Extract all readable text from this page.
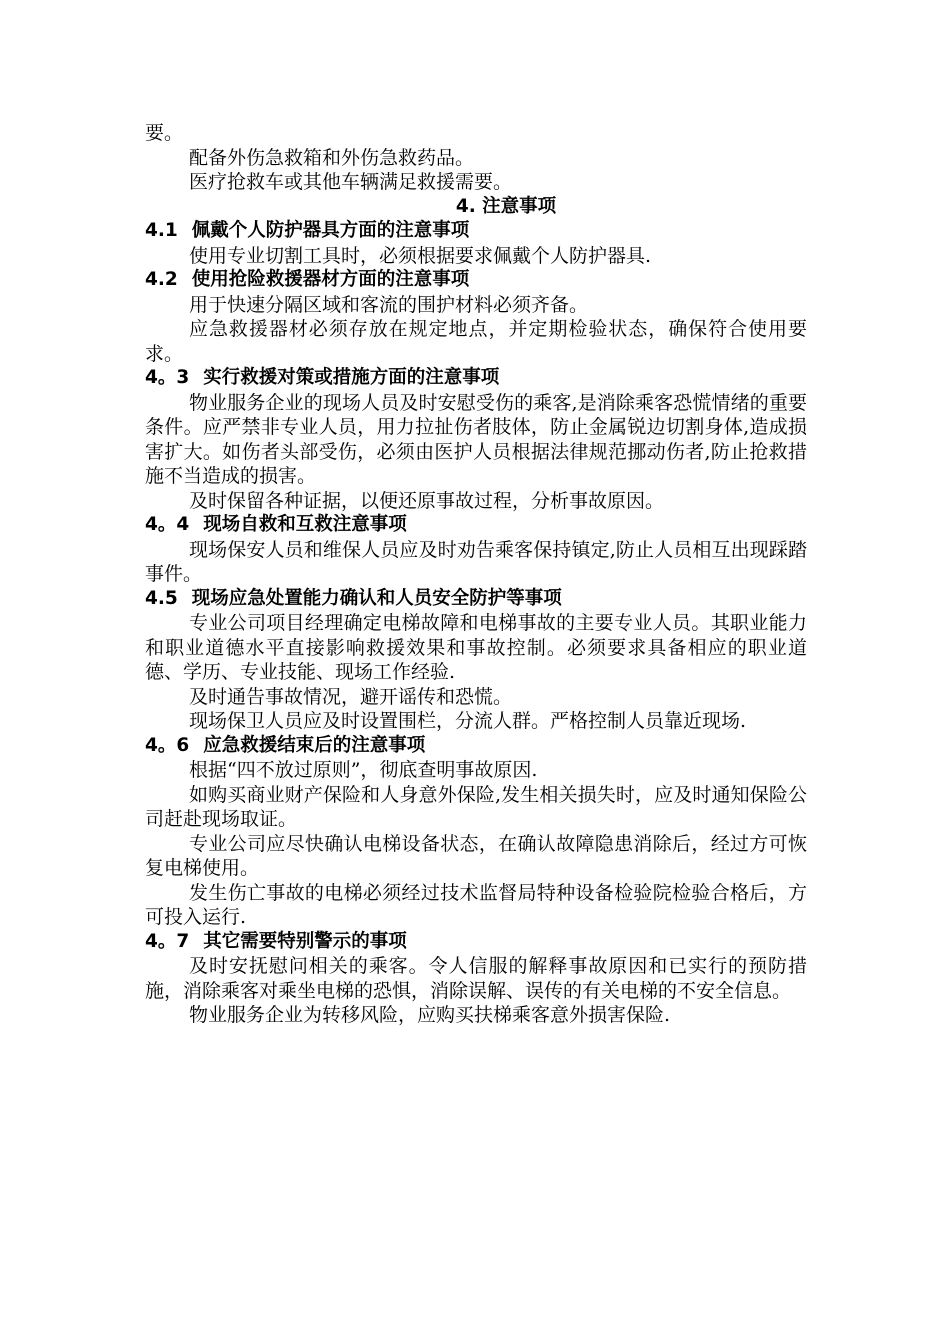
要。

配备外伤急救箱和外伤急救药品。

医疗抢救车或其他车辆满足救援需要。

4. 注意事项

4.1 佩戴个人防护器具方面的注意事项

使用专业切割工具时，必须根据要求佩戴个人防护器具.

4.2 使用抢险救援器材方面的注意事项

用于快速分隔区域和客流的围护材料必须齐备。

应急救援器材必须存放在规定地点，并定期检验状态，确保符合使用要求。

4。3 实行救援对策或措施方面的注意事项

物业服务企业的现场人员及时安慰受伤的乘客,是消除乘客恐慌情绪的重要条件。应严禁非专业人员，用力拉扯伤者肢体，防止金属锐边切割身体,造成损害扩大。如伤者头部受伤，必须由医护人员根据法律规范挪动伤者,防止抢救措施不当造成的损害。

及时保留各种证据，以便还原事故过程，分析事故原因。

4。4 现场自救和互救注意事项

现场保安人员和维保人员应及时劝告乘客保持镇定,防止人员相互出现踩踏事件。

4.5 现场应急处置能力确认和人员安全防护等事项

专业公司项目经理确定电梯故障和电梯事故的主要专业人员。其职业能力和职业道德水平直接影响救援效果和事故控制。必须要求具备相应的职业道德、学历、专业技能、现场工作经验.

及时通告事故情况，避开谣传和恐慌。

现场保卫人员应及时设置围栏，分流人群。严格控制人员靠近现场.

4。6 应急救援结束后的注意事项

根据“四不放过原则”，彻底查明事故原因.

如购买商业财产保险和人身意外保险,发生相关损失时，应及时通知保险公司赶赴现场取证。

专业公司应尽快确认电梯设备状态，在确认故障隐患消除后，经过方可恢复电梯使用。

发生伤亡事故的电梯必须经过技术监督局特种设备检验院检验合格后，方可投入运行.

4。7 其它需要特别警示的事项

及时安抚慰问相关的乘客。令人信服的解释事故原因和已实行的预防措施，消除乘客对乘坐电梯的恐惧，消除误解、误传的有关电梯的不安全信息。

物业服务企业为转移风险，应购买扶梯乘客意外损害保险.
